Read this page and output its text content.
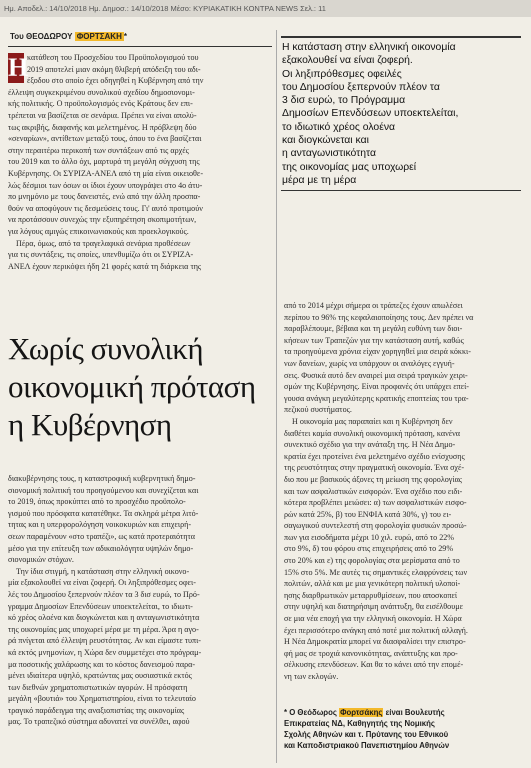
Ημ. Αποδελ.: 14/10/2018 Ημ. Δημοσ.: 14/10/2018 Μέσο: ΚΥΡΙΑΚΑΤΙΚΗ ΚΟΝΤΡΑ NEWS Σελ.: 11
Του ΘΕΟΔΩΡΟΥ ΦΟΡΤΣΑΚΗ *
Η
κατάθεση του Προσχεδίου του Προϋπολογισμού του
2019 αποτελεί μιαν ακόμη θλιβερή απόδειξη του αδι-
έξοδου στο οποίο έχει οδηγηθεί η Κυβέρνηση από την
έλλειψη συγκεκριμένου συνολικού σχεδίου δημοσιονομι-
κής πολιτικής. Ο προϋπολογισμός ενός Κράτους δεν επι-
τρέπεται να βασίζεται σε σενάρια. Πρέπει να είναι απολύ-
τως ακριβής, διαφανής και μελετημένος. Η πρόβλεψη δύο
«σεναρίων», αντίθετων μεταξύ τους, όπου το ένα βασίζεται
στην περαιτέρω περικοπή των συντάξεων από τις αρχές
του 2019 και το άλλο όχι, μαρτυρά τη μεγάλη σύγχυση της
Κυβέρνησης. Οι ΣΥΡΙΖΑ-ΑΝΕΛ από τη μία είναι οικειοθε-
λώς δέσμιοι των όσων οι ίδιοι έχουν υπογράψει στο 4ο άτυ-
πο μνημόνιο με τους δανειστές, ενώ από την άλλη προσπα-
θούν να αποφύγουν τις δεσμεύσεις τους. Γι' αυτό προτιμούν
να προτάσσουν συνεχώς την εξυπηρέτηση σκοπιμοτήτων,
για λόγους αμιγώς επικοινωνιακούς και προεκλογικούς.
Πέρα, όμως, από τα τραγελαφικά σενάρια προθέσεων
για τις συντάξεις, τις οποίες, υπενθυμίζω ότι οι ΣΥΡΙΖΑ-
ΑΝΕΛ έχουν περικόψει ήδη 21 φορές κατά τη διάρκεια της
Χωρίς συνολική
οικονομική πρόταση
η Κυβέρνηση
διακυβέρνησης τους, η καταστροφική κυβερνητική δημο-
σιονομική πολιτική του προηγούμενου και συνεχίζεται και
το 2019, όπως προκύπτει από το προσχέδιο προϋπολο-
γισμού που πρόσφατα κατατέθηκε. Τα σκληρά μέτρα λιτό-
τητας και η υπερφορολόγηση νοικοκυριών και επιχειρή-
σεων παραμένουν «στο τραπέζι», ως κατά προτεραιότητα
μέσο για την επίτευξη των αδικαιολόγητα υψηλών δημο-
σιονομικών στόχων.
Την ίδια στιγμή, η κατάσταση στην ελληνική οικονο-
μία εξακολουθεί να είναι ζοφερή. Οι ληξιπρόθεσμες οφει-
λές του Δημοσίου ξεπερνούν πλέον τα 3 δισ ευρώ, το Πρό-
γραμμα Δημοσίων Επενδύσεων υποεκτελείται, το ιδιωτι-
κό χρέος ολοένα και διογκώνεται και η ανταγωνιστικότητα
της οικονομίας μας υποχωρεί μέρα με τη μέρα. Άρα η αγο-
ρά πνίγεται από έλλειψη ρευστότητας. Αν και είμαστε τυπι-
κά εκτός μνημονίων, η Χώρα δεν συμμετέχει στο πρόγραμ-
μα ποσοτικής χαλάρωσης και το κόστος δανεισμού παρα-
μένει ιδιαίτερα υψηλό, κρατώντας μας ουσιαστικά εκτός
των διεθνών χρηματοπιστωτικών αγορών. Η πρόσφατη
μεγάλη «βουτιά» του Χρηματιστηρίου, είναι το τελευταίο
τραγικό παράδειγμα της αναξιοπιστίας της οικονομίας
μας. Το τραπεζικό σύστημα αδυνατεί να συνέλθει, αφού
Η κατάσταση στην ελληνική οικονομία
εξακολουθεί να είναι ζοφερή.
Οι ληξιπρόθεσμες οφειλές
του Δημοσίου ξεπερνούν πλέον τα
3 δισ ευρώ, το Πρόγραμμα
Δημοσίων Επενδύσεων υποεκτελείται,
το ιδιωτικό χρέος ολοένα
και διογκώνεται και
η ανταγωνιστικότητα
της οικονομίας μας υποχωρεί
μέρα με τη μέρα
από το 2014 μέχρι σήμερα οι τράπεζες έχουν απωλέσει
περίπου το 96% της κεφαλαιοποίησης τους. Δεν πρέπει να
παραβλέπουμε, βέβαια και τη μεγάλη ευθύνη των διοι-
κήσεων των Τραπεζών για την κατάσταση αυτή, καθώς
τα προηγούμενα χρόνια είχαν χορηγηθεί μια σειρά κόκκι-
νων δανείων, χωρίς να υπάρχουν οι αναλόγες εγγυή-
σεις. Φυσικά αυτό δεν αναιρεί μια σειρά τραγικών χειρι-
σμών της Κυβέρνησης. Είναι προφανές ότι υπάρχει επεί-
γουσα ανάγκη μεγαλύτερης κρατικής εποπτείας του τρα-
πεζικού συστήματος.
Η οικονομία μας παραπαίει και η Κυβέρνηση δεν
διαθέτει καμία συνολική οικονομική πρόταση, κανένα
συνεκτικό σχέδιο για την ανάταξη της. Η Νέα Δημο-
κρατία έχει προτείνει ένα μελετημένο σχέδιο ενίσχυσης
της ρευστότητας στην πραγματική οικονομία. Ένα σχέ-
διο που με βασικούς άξονες τη μείωση της φορολογίας
και των ασφαλιστικών εισφορών. Ένα σχέδιο που ειδι-
κότερα προβλέπει μειώσει: α) των ασφαλιστικών εισφο-
ρών κατά 25%, β) του ΕΝΦΙΑ κατά 30%, γ) του ει-
σαγωγικού συντελεστή στη φορολογία φυσικών προσώ-
πων για εισοδήματα μέχρι 10 χιλ. ευρώ, από το 22%
στο 9%, δ) του φόρου στις επιχειρήσεις από το 29%
στο 20% και ε) της φορολογίας στα μερίσματα από το
15% στο 5%. Με αυτές τις σημαντικές ελαφρύνσεις των
πολιτών, αλλά και με μια γενικότερη πολιτική υλοποί-
ησης διαρθρωτικών μεταρρυθμίσεων, που αποσκοπεί
στην υψηλή και διατηρήσιμη ανάπτυξη, θα εισέλθουμε
σε μια νέα εποχή για την ελληνική οικονομία. Η Χώρα
έχει περισσότερο ανάγκη από ποτέ μια πολιτική αλλαγή.
Η Νέα Δημοκρατία μπορεί να διασφαλίσει την επιστρο-
φή μας σε τροχιά κανονικότητας, ανάπτυξης και προ-
σέλκυσης επενδύσεων. Και θα το κάνει από την επομέ-
νη των εκλογών.
* Ο Θεόδωρος Φορτσάκης είναι Βουλευτής
Επικρατείας ΝΔ, Καθηγητής της Νομικής
Σχολής Αθηνών και τ. Πρύτανης του Εθνικού
και Καποδιστριακού Πανεπιστημίου Αθηνών
